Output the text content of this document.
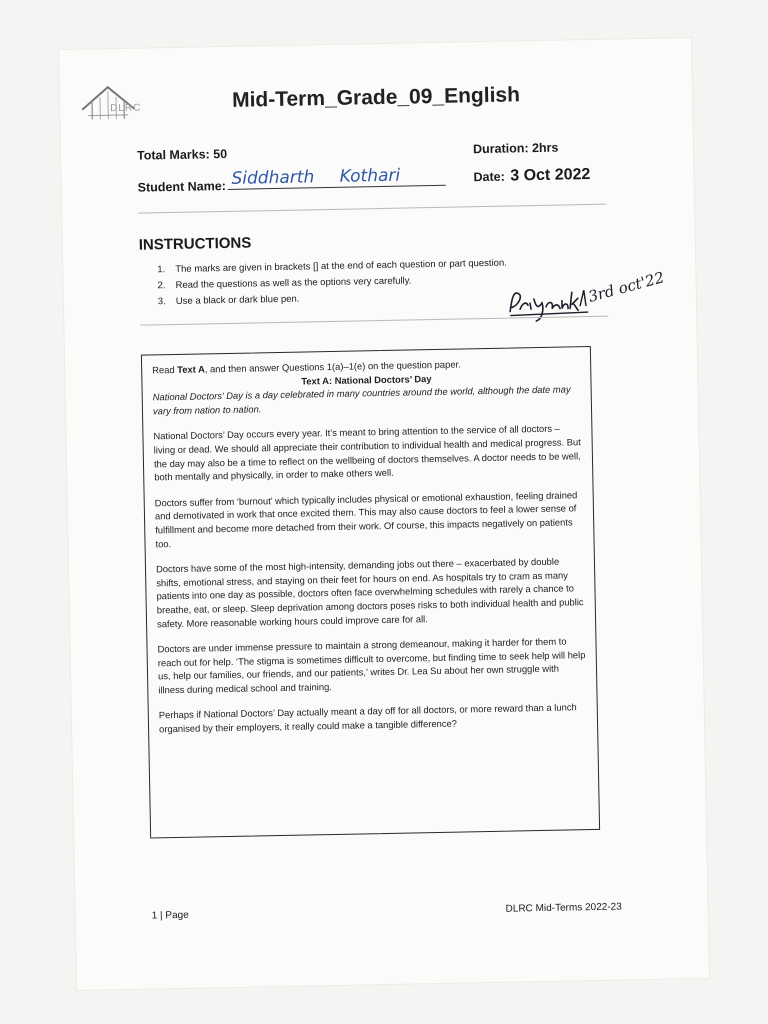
DLRC	Mid-Term_Grade_09_English
Total Marks: 50	Duration: 2hrs
Student Name: Siddharth Kothari	Date: 3 Oct 2022
INSTRUCTIONS
1. The marks are given in brackets [] at the end of each question or part question.
2. Read the questions as well as the options very carefully.
3. Use a black or dark blue pen.	3rd oct'22

Read Text A, and then answer Questions 1(a)–1(e) on the question paper.

Text A: National Doctors’ Day

National Doctors’ Day is a day celebrated in many countries around the world, although the date may vary from nation to nation.

National Doctors’ Day occurs every year. It’s meant to bring attention to the service of all doctors – living or dead. We should all appreciate their contribution to individual health and medical progress. But the day may also be a time to reflect on the wellbeing of doctors themselves. A doctor needs to be well, both mentally and physically, in order to make others well.

Doctors suffer from ‘burnout’ which typically includes physical or emotional exhaustion, feeling drained and demotivated in work that once excited them. This may also cause doctors to feel a lower sense of fulfillment and become more detached from their work. Of course, this impacts negatively on patients too.

Doctors have some of the most high-intensity, demanding jobs out there – exacerbated by double shifts, emotional stress, and staying on their feet for hours on end. As hospitals try to cram as many patients into one day as possible, doctors often face overwhelming schedules with rarely a chance to breathe, eat, or sleep. Sleep deprivation among doctors poses risks to both individual health and public safety. More reasonable working hours could improve care for all.

Doctors are under immense pressure to maintain a strong demeanour, making it harder for them to reach out for help. ‘The stigma is sometimes difficult to overcome, but finding time to seek help will help us, help our families, our friends, and our patients,’ writes Dr. Lea Su about her own struggle with illness during medical school and training.

Perhaps if National Doctors’ Day actually meant a day off for all doctors, or more reward than a lunch organised by their employers, it really could make a tangible difference?

1 | Page
DLRC Mid-Terms 2022-23
